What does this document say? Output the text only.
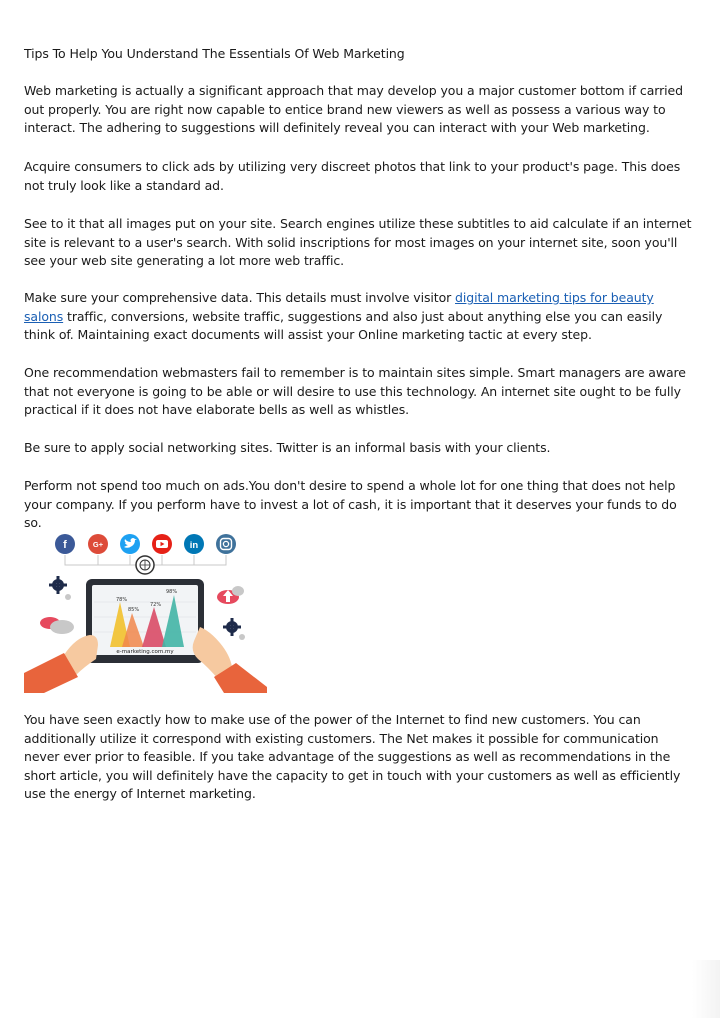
Tips To Help You Understand The Essentials Of Web Marketing

Web marketing is actually a significant approach that may develop you a major customer bottom if carried out properly. You are right now capable to entice brand new viewers as well as possess a various way to interact. The adhering to suggestions will definitely reveal you can interact with your Web marketing.

Acquire consumers to click ads by utilizing very discreet photos that link to your product's page. This does not truly look like a standard ad.

See to it that all images put on your site. Search engines utilize these subtitles to aid calculate if an internet site is relevant to a user's search. With solid inscriptions for most images on your internet site, soon you'll see your web site generating a lot more web traffic.

Make sure your comprehensive data. This details must involve visitor digital marketing tips for beauty salons traffic, conversions, website traffic, suggestions and also just about anything else you can easily think of. Maintaining exact documents will assist your Online marketing tactic at every step.

One recommendation webmasters fail to remember is to maintain sites simple. Smart managers are aware that not everyone is going to be able or will desire to use this technology. An internet site ought to be fully practical if it does not have elaborate bells as well as whistles.

Be sure to apply social networking sites. Twitter is an informal basis with your clients.

Perform not spend too much on ads.You don't desire to spend a whole lot for one thing that does not help your company. If you perform have to invest a lot of cash, it is important that it deserves your funds to do so.

f	G+	in
78%
85%
72%
98%
e-marketing.com.my

You have seen exactly how to make use of the power of the Internet to find new customers. You can additionally utilize it correspond with existing customers. The Net makes it possible for communication never ever prior to feasible. If you take advantage of the suggestions as well as recommendations in the short article, you will definitely have the capacity to get in touch with your customers as well as efficiently use the energy of Internet marketing.
